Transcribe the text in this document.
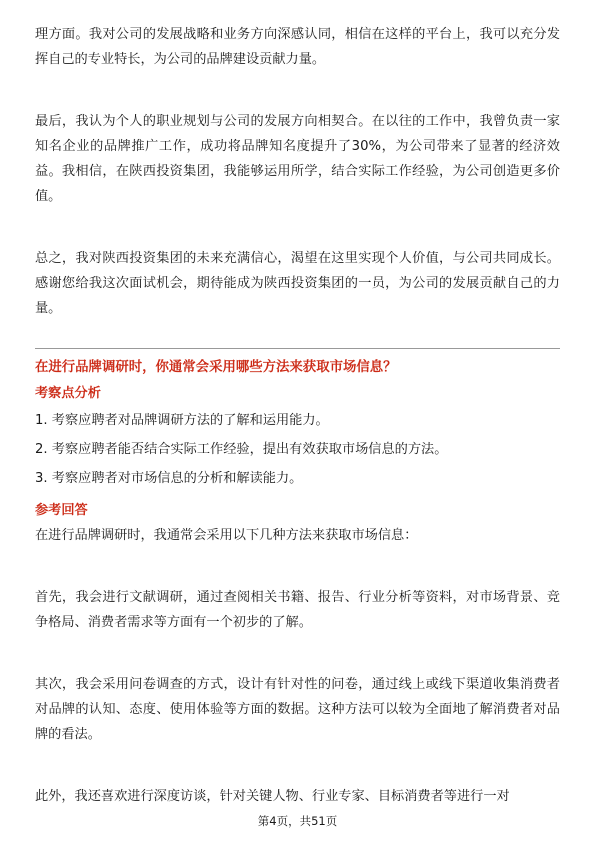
理方面。我对公司的发展战略和业务方向深感认同，相信在这样的平台上，我可以充分发挥自己的专业特长，为公司的品牌建设贡献力量。

最后，我认为个人的职业规划与公司的发展方向相契合。在以往的工作中，我曾负责一家知名企业的品牌推广工作，成功将品牌知名度提升了30%，为公司带来了显著的经济效益。我相信，在陕西投资集团，我能够运用所学，结合实际工作经验，为公司创造更多价值。

总之，我对陕西投资集团的未来充满信心，渴望在这里实现个人价值，与公司共同成长。感谢您给我这次面试机会，期待能成为陕西投资集团的一员，为公司的发展贡献自己的力量。

在进行品牌调研时，你通常会采用哪些方法来获取市场信息？
考察点分析
1. 考察应聘者对品牌调研方法的了解和运用能力。
2. 考察应聘者能否结合实际工作经验，提出有效获取市场信息的方法。
3. 考察应聘者对市场信息的分析和解读能力。
参考回答

在进行品牌调研时，我通常会采用以下几种方法来获取市场信息：

首先，我会进行文献调研，通过查阅相关书籍、报告、行业分析等资料，对市场背景、竞争格局、消费者需求等方面有一个初步的了解。

其次，我会采用问卷调查的方式，设计有针对性的问卷，通过线上或线下渠道收集消费者对品牌的认知、态度、使用体验等方面的数据。这种方法可以较为全面地了解消费者对品牌的看法。

此外，我还喜欢进行深度访谈，针对关键人物、行业专家、目标消费者等进行一对

第4页，共51页
